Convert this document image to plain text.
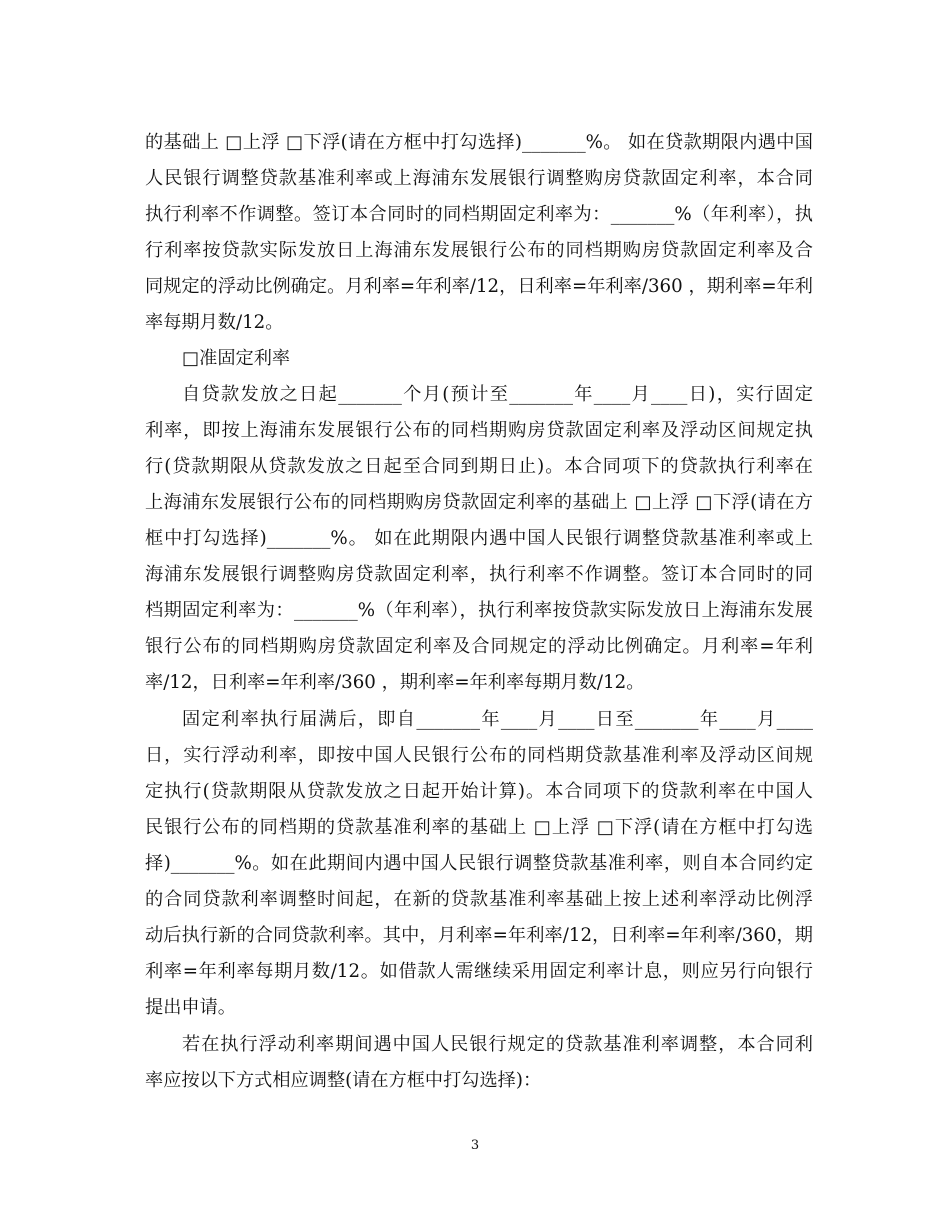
的基础上 □上浮 □下浮(请在方框中打勾选择)_______%。 如在贷款期限内遇中国
人民银行调整贷款基准利率或上海浦东发展银行调整购房贷款固定利率，本合同
执行利率不作调整。签订本合同时的同档期固定利率为：_______%（年利率），执
行利率按贷款实际发放日上海浦东发展银行公布的同档期购房贷款固定利率及合
同规定的浮动比例确定。月利率=年利率/12，日利率=年利率/360 ，期利率=年利
率每期月数/12。
□准固定利率
自贷款发放之日起_______个月(预计至_______年____月____日)，实行固定
利率，即按上海浦东发展银行公布的同档期购房贷款固定利率及浮动区间规定执
行(贷款期限从贷款发放之日起至合同到期日止)。本合同项下的贷款执行利率在
上海浦东发展银行公布的同档期购房贷款固定利率的基础上 □上浮 □下浮(请在方
框中打勾选择)_______%。 如在此期限内遇中国人民银行调整贷款基准利率或上
海浦东发展银行调整购房贷款固定利率，执行利率不作调整。签订本合同时的同
档期固定利率为：_______%（年利率），执行利率按贷款实际发放日上海浦东发展
银行公布的同档期购房贷款固定利率及合同规定的浮动比例确定。月利率=年利
率/12，日利率=年利率/360 ，期利率=年利率每期月数/12。
固定利率执行届满后，即自_______年____月____日至_______年____月____
日，实行浮动利率，即按中国人民银行公布的同档期贷款基准利率及浮动区间规
定执行(贷款期限从贷款发放之日起开始计算)。本合同项下的贷款利率在中国人
民银行公布的同档期的贷款基准利率的基础上 □上浮 □下浮(请在方框中打勾选
择)_______%。如在此期间内遇中国人民银行调整贷款基准利率，则自本合同约定
的合同贷款利率调整时间起，在新的贷款基准利率基础上按上述利率浮动比例浮
动后执行新的合同贷款利率。其中，月利率=年利率/12，日利率=年利率/360，期
利率=年利率每期月数/12。如借款人需继续采用固定利率计息，则应另行向银行
提出申请。
若在执行浮动利率期间遇中国人民银行规定的贷款基准利率调整，本合同利
率应按以下方式相应调整(请在方框中打勾选择)：
3
